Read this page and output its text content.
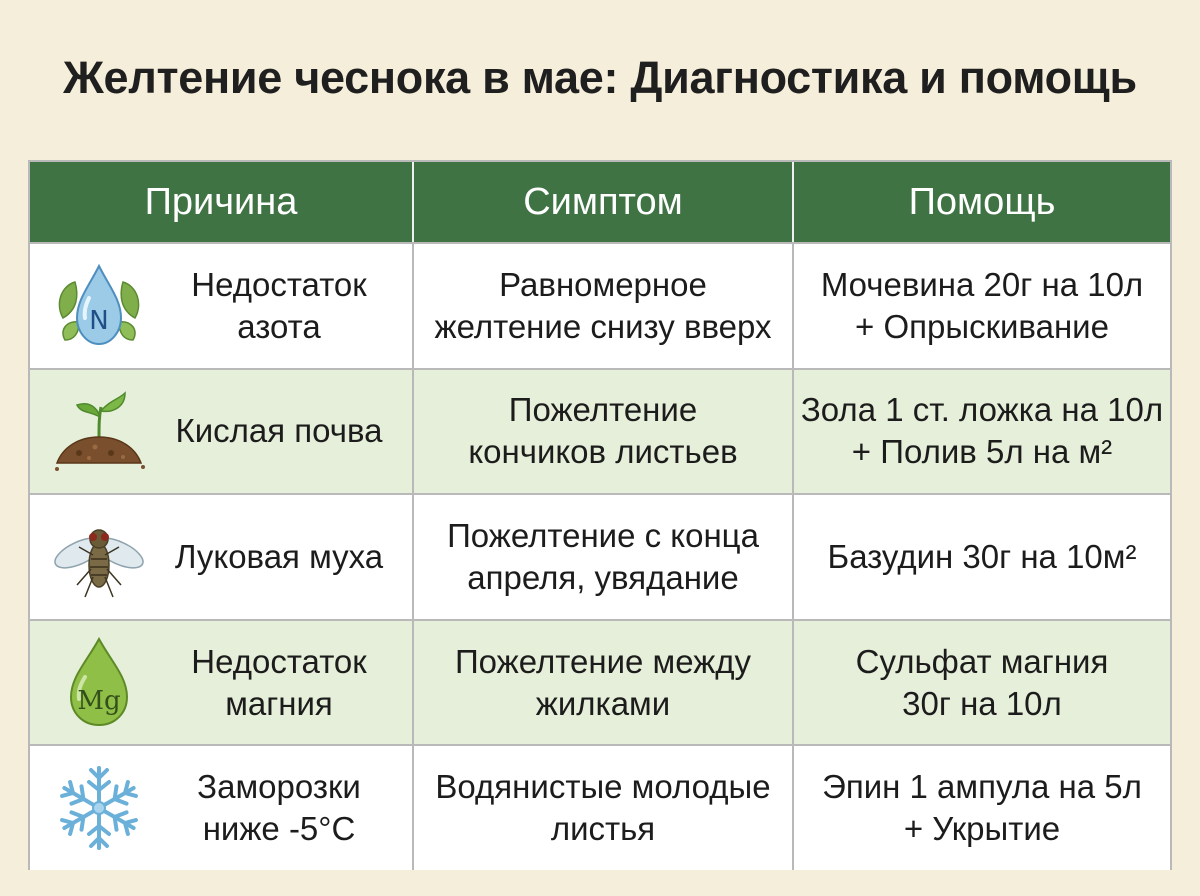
Желтение чеснока в мае: Диагностика и помощь
Причина	Симптом	Помощь
N
Недостаток
азота
Равномерное
желтение снизу вверх
Мочевина 20г на 10л
+ Опрыскивание
Кислая почва
Пожелтение
кончиков листьев
Зола 1 ст. ложка на 10л
+ Полив 5л на м²
Луковая муха
Пожелтение с конца
апреля, увядание
Базудин 30г на 10м²
Mg
Недостаток
магния
Пожелтение между
жилками
Сульфат магния
30г на 10л
Заморозки
ниже -5°C
Водянистые молодые
листья
Эпин 1 ампула на 5л
+ Укрытие
